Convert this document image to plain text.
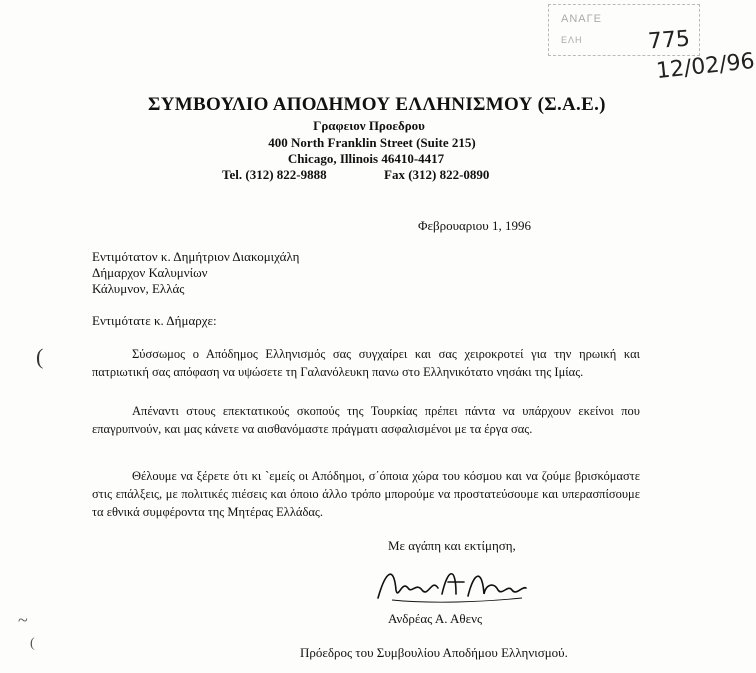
ΑΝΑΓΕ
ΕΛΗ	775
12/02/96
ΣΥΜΒΟΥΛΙΟ ΑΠΟΔΗΜΟΥ ΕΛΛΗΝΙΣΜΟΥ (Σ.Α.Ε.)
Γραφειον Προεδρου
400 North Franklin Street (Suite 215)
Chicago, Illinois 46410-4417
Tel. (312) 822-9888	Fax (312) 822-0890
Φεβρουαριου 1, 1996
Εντιμότατον κ. Δημήτριον Διακομιχάλη
Δήμαρχον Καλυμνίων
Κάλυμνον, Ελλάς
Εντιμότατε κ. Δήμαρχε:
Σύσσωμος ο Απόδημος Ελληνισμός σας συγχαίρει και σας χειροκροτεί για την ηρωική και πατριωτική σας απόφαση να υψώσετε τη Γαλανόλευκη πανω στο Ελληνικότατο νησάκι της Ιμίας.
Απέναντι στους επεκτατικούς σκοπούς της Τουρκίας πρέπει πάντα να υπάρχουν εκείνοι που επαγρυπνούν, και μας κάνετε να αισθανόμαστε πράγματι ασφαλισμένοι με τα έργα σας.
Θέλουμε να ξέρετε ότι κι `εμείς οι Απόδημοι, σ΄όποια χώρα του κόσμου και να ζούμε βρισκόμαστε στις επάλξεις, με πολιτικές πιέσεις και όποιο άλλο τρόπο μπορούμε να προστατεύσουμε και υπερασπίσουμε τα εθνικά συμφέροντα της Μητέρας Ελλάδας.
Με αγάπη και εκτίμηση,
Ανδρέας Α. Αθενς
Πρόεδρος του Συμβουλίου Αποδήμου Ελληνισμού.
(
~
(
